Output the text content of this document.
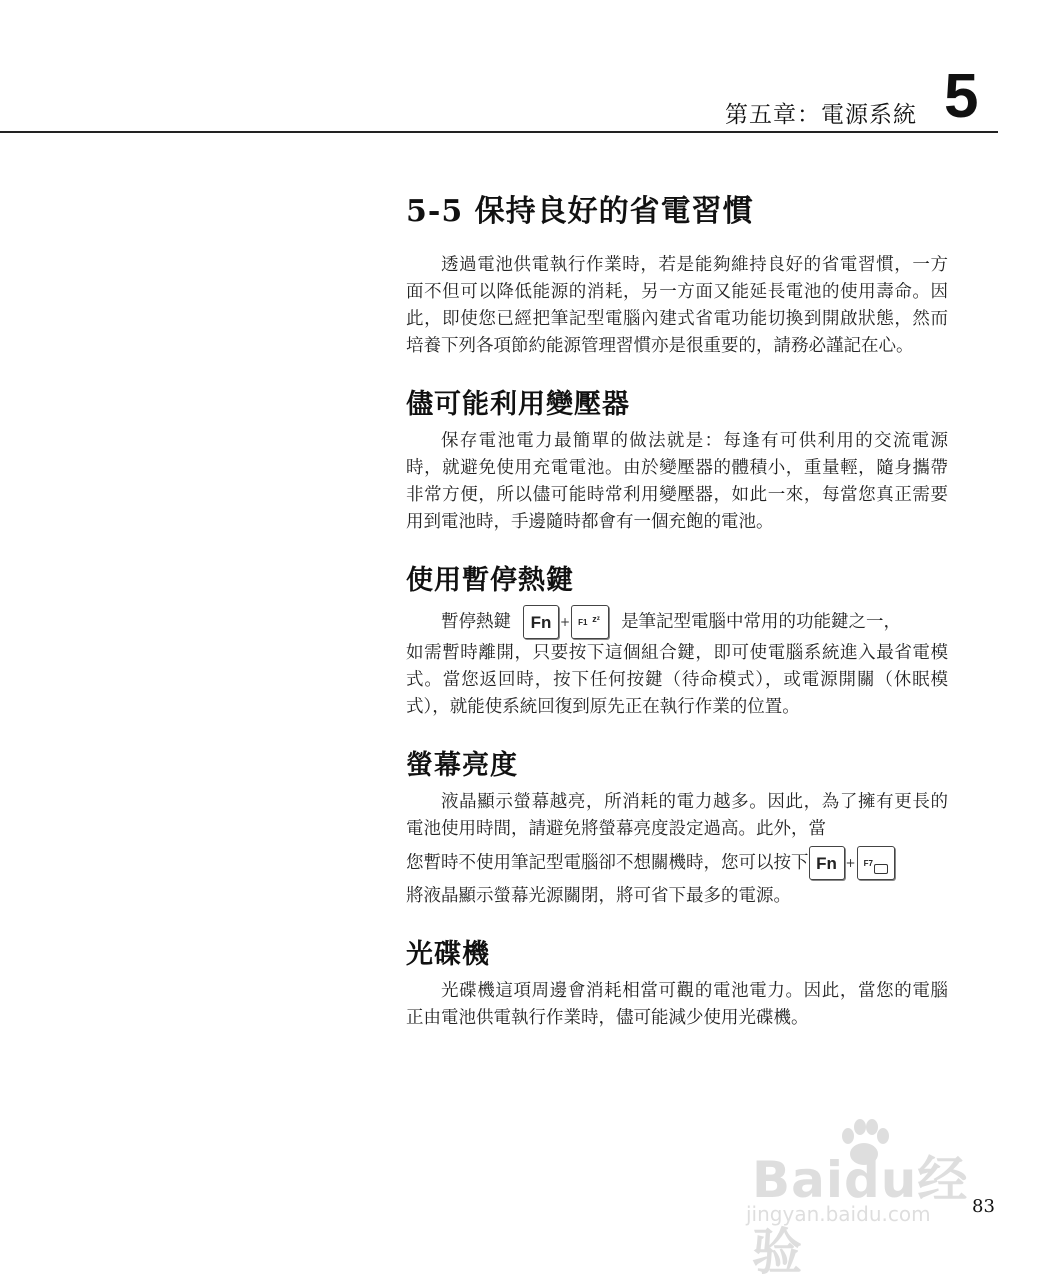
第五章：電源系統 5
5-5 保持良好的省電習慣

透過電池供電執行作業時，若是能夠維持良好的省電習慣，一方面不但可以降低能源的消耗，另一方面又能延長電池的使用壽命。因此，即使您已經把筆記型電腦內建式省電功能切換到開啟狀態，然而培養下列各項節約能源管理習慣亦是很重要的，請務必謹記在心。

儘可能利用變壓器

保存電池電力最簡單的做法就是：每逢有可供利用的交流電源時，就避免使用充電電池。由於變壓器的體積小，重量輕，隨身攜帶非常方便，所以儘可能時常利用變壓器，如此一來，每當您真正需要用到電池時，手邊隨時都會有一個充飽的電池。

使用暫停熱鍵
暫停熱鍵 Fn + F1 zᶻ 是筆記型電腦中常用的功能鍵之一，
如需暫時離開，只要按下這個組合鍵，即可使電腦系統進入最省電模式。當您返回時，按下任何按鍵（待命模式），或電源開關（休眠模式），就能使系統回復到原先正在執行作業的位置。
螢幕亮度
液晶顯示螢幕越亮，所消耗的電力越多。因此，為了擁有更長的電池使用時間，請避免將螢幕亮度設定過高。此外，當
您暫時不使用筆記型電腦卻不想關機時，您可以按下 Fn + F7
將液晶顯示螢幕光源關閉，將可省下最多的電源。
光碟機

光碟機這項周邊會消耗相當可觀的電池電力。因此，當您的電腦正由電池供電執行作業時，儘可能減少使用光碟機。

Baidu经验
jingyan.baidu.com 83
